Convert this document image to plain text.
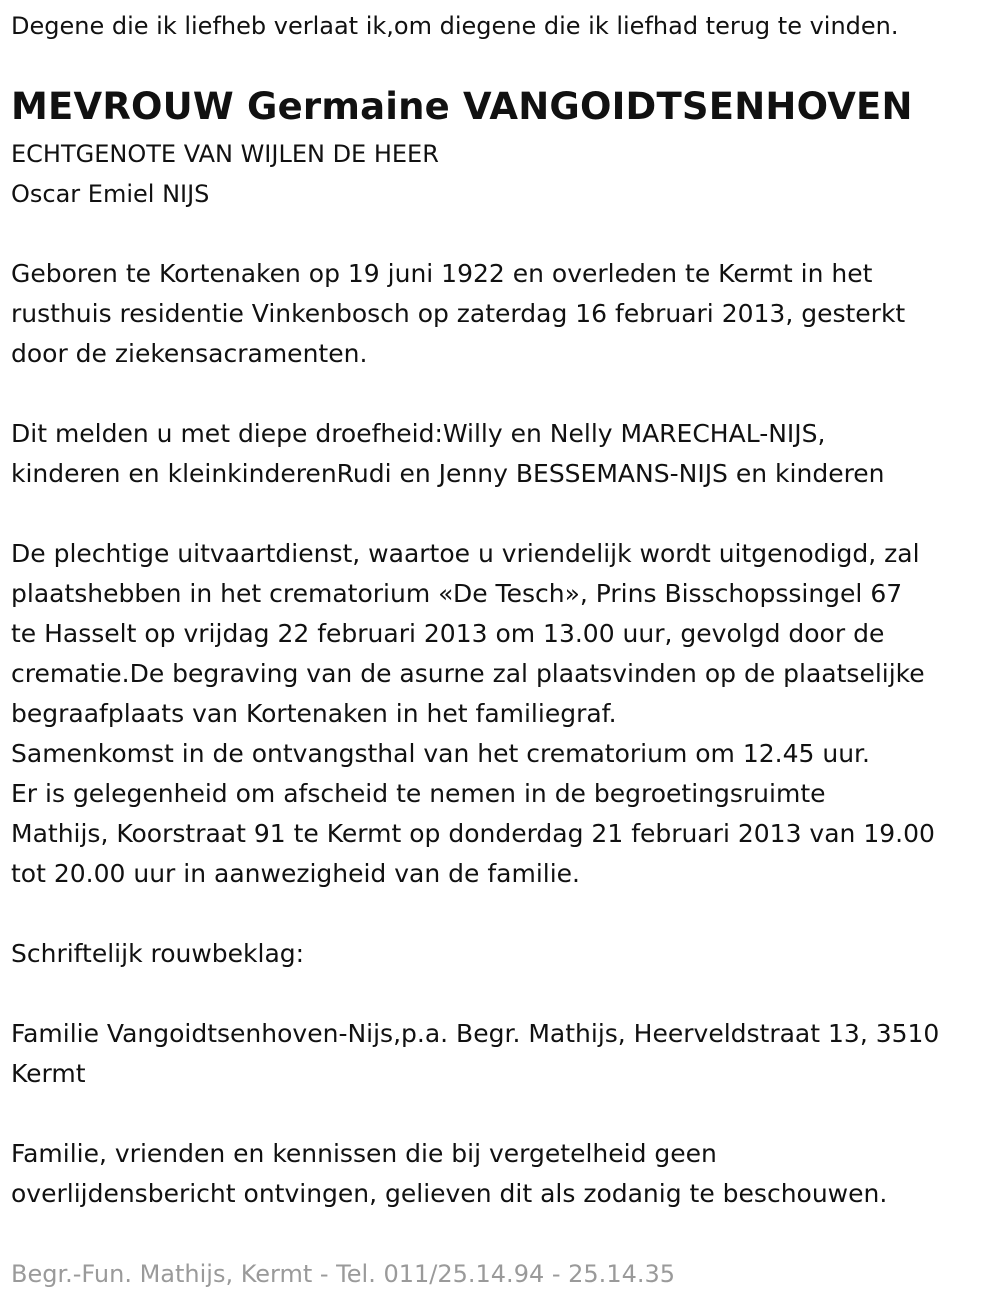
Degene die ik liefheb verlaat ik,om diegene die ik liefhad terug te vinden.
MEVROUW Germaine VANGOIDTSENHOVEN
ECHTGENOTE VAN WIJLEN DE HEER
Oscar Emiel NIJS
Geboren te Kortenaken op 19 juni 1922 en overleden te Kermt in het
rusthuis residentie Vinkenbosch op zaterdag 16 februari 2013, gesterkt
door de ziekensacramenten.
Dit melden u met diepe droefheid:Willy en Nelly MARECHAL-NIJS,
kinderen en kleinkinderenRudi en Jenny BESSEMANS-NIJS en kinderen
De plechtige uitvaartdienst, waartoe u vriendelijk wordt uitgenodigd, zal
plaatshebben in het crematorium «De Tesch», Prins Bisschopssingel 67
te Hasselt op vrijdag 22 februari 2013 om 13.00 uur, gevolgd door de
crematie.De begraving van de asurne zal plaatsvinden op de plaatselijke
begraafplaats van Kortenaken in het familiegraf.
Samenkomst in de ontvangsthal van het crematorium om 12.45 uur.
Er is gelegenheid om afscheid te nemen in de begroetingsruimte
Mathijs, Koorstraat 91 te Kermt op donderdag 21 februari 2013 van 19.00
tot 20.00 uur in aanwezigheid van de familie.
Schriftelijk rouwbeklag:
Familie Vangoidtsenhoven-Nijs,p.a. Begr. Mathijs, Heerveldstraat 13, 3510
Kermt
Familie, vrienden en kennissen die bij vergetelheid geen
overlijdensbericht ontvingen, gelieven dit als zodanig te beschouwen.
Begr.-Fun. Mathijs, Kermt - Tel. 011/25.14.94 - 25.14.35
